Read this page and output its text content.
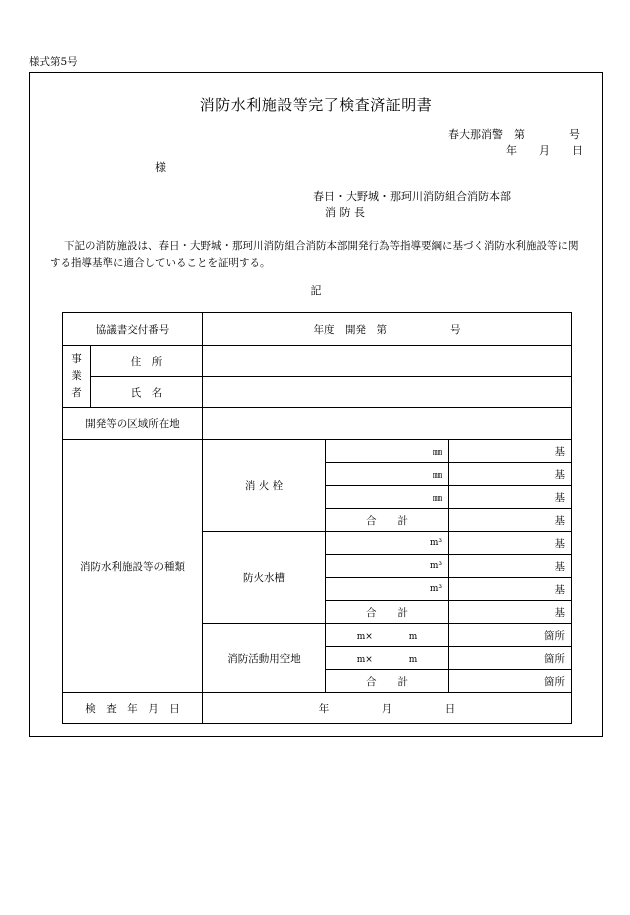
様式第5号
消防水利施設等完了検査済証明書
春大那消警　第　　　　号
年　　月　　日
様
春日・大野城・那珂川消防組合消防本部
消 防 長
下記の消防施設は、春日・大野城・那珂川消防組合消防本部開発行為等指導要綱に基づく消防水利施設等に関する指導基準に適合していることを証明する。
記
協議書交付番号		年度　開発　第　　　　　　号		

事
業
者	住　所			
	氏　名			
開発等の区域所在地				
消防水利施設等の種類		消 火 栓	㎜	基
			㎜	基
			㎜	基
			合　　計	基
		防火水槽	m³	基
			m³	基
			m³	基
			合　　計	基
		消防活動用空地	m×　　　　m	箇所
			m×　　　　m	箇所
			合　　計	箇所
検　査　年　月　日		年　　　　　月　　　　　日		
